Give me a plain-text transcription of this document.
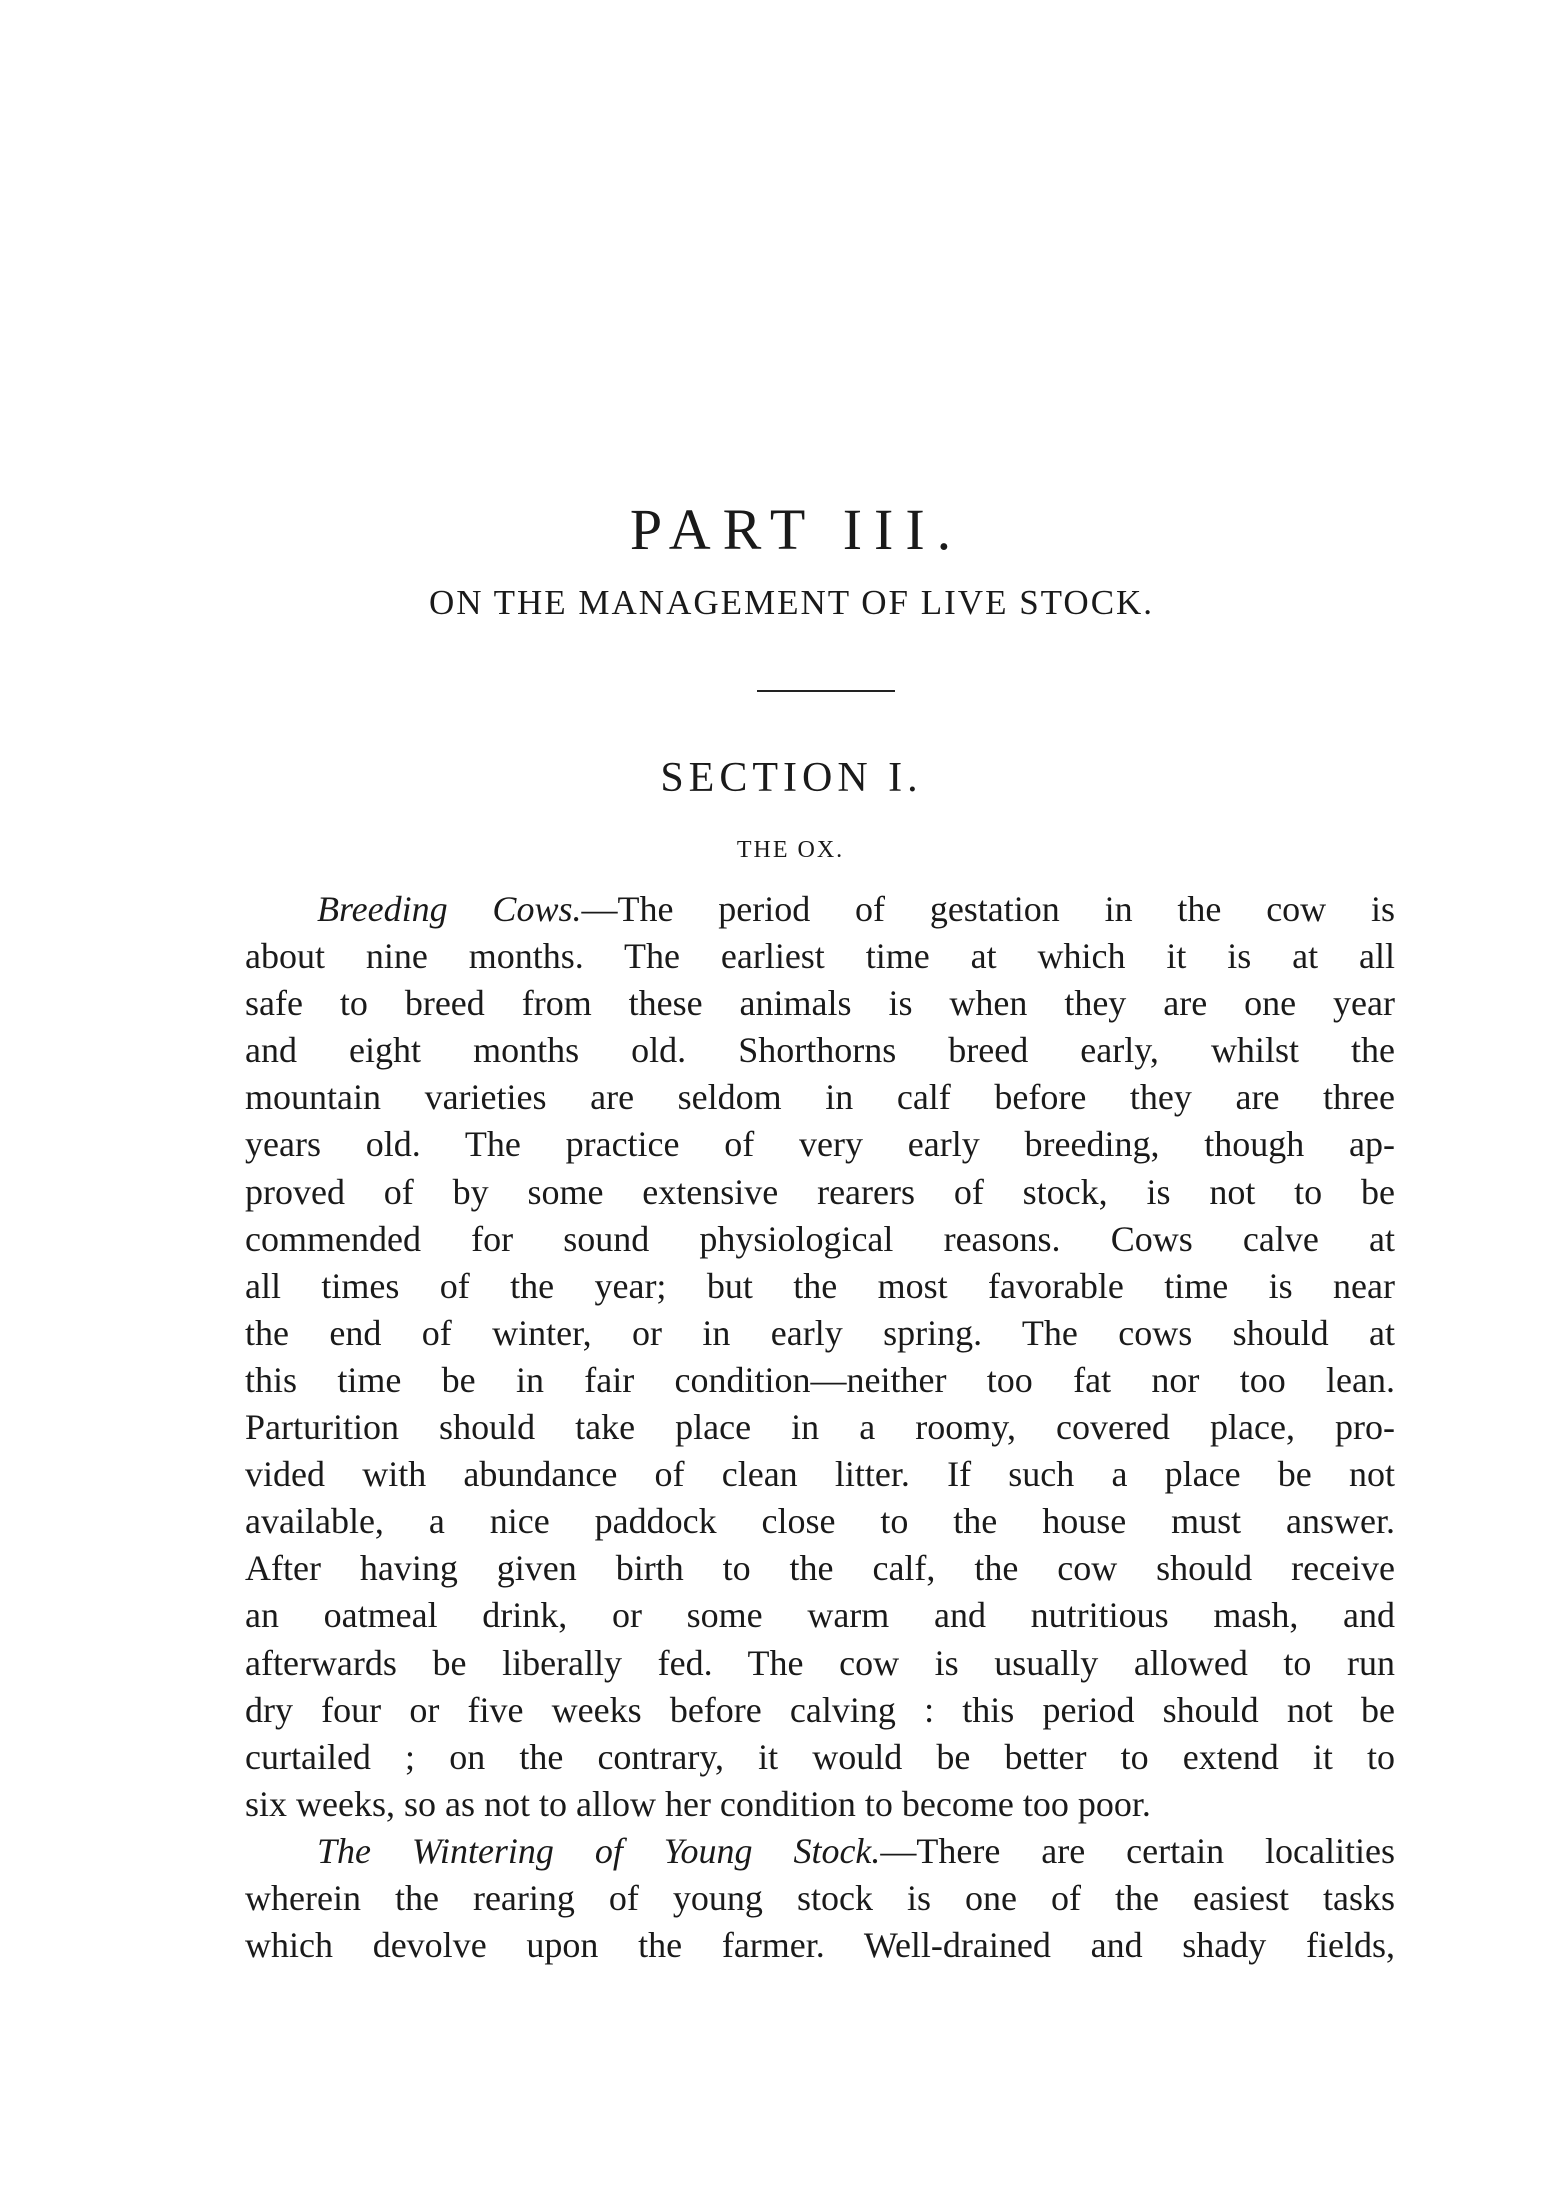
PART III.
ON THE MANAGEMENT OF LIVE STOCK.
SECTION I.
THE OX.
Breeding Cows.—The period of gestation in the cow is
about nine months. The earliest time at which it is at all
safe to breed from these animals is when they are one year
and eight months old. Shorthorns breed early, whilst the
mountain varieties are seldom in calf before they are three
years old. The practice of very early breeding, though ap-
proved of by some extensive rearers of stock, is not to be
commended for sound physiological reasons. Cows calve at
all times of the year; but the most favorable time is near
the end of winter, or in early spring. The cows should at
this time be in fair condition—neither too fat nor too lean.
Parturition should take place in a roomy, covered place, pro-
vided with abundance of clean litter. If such a place be not
available, a nice paddock close to the house must answer.
After having given birth to the calf, the cow should receive
an oatmeal drink, or some warm and nutritious mash, and
afterwards be liberally fed. The cow is usually allowed to run
dry four or five weeks before calving : this period should not be
curtailed ; on the contrary, it would be better to extend it to
six weeks, so as not to allow her condition to become too poor.
The Wintering of Young Stock.—There are certain localities
wherein the rearing of young stock is one of the easiest tasks
which devolve upon the farmer. Well-drained and shady fields,
